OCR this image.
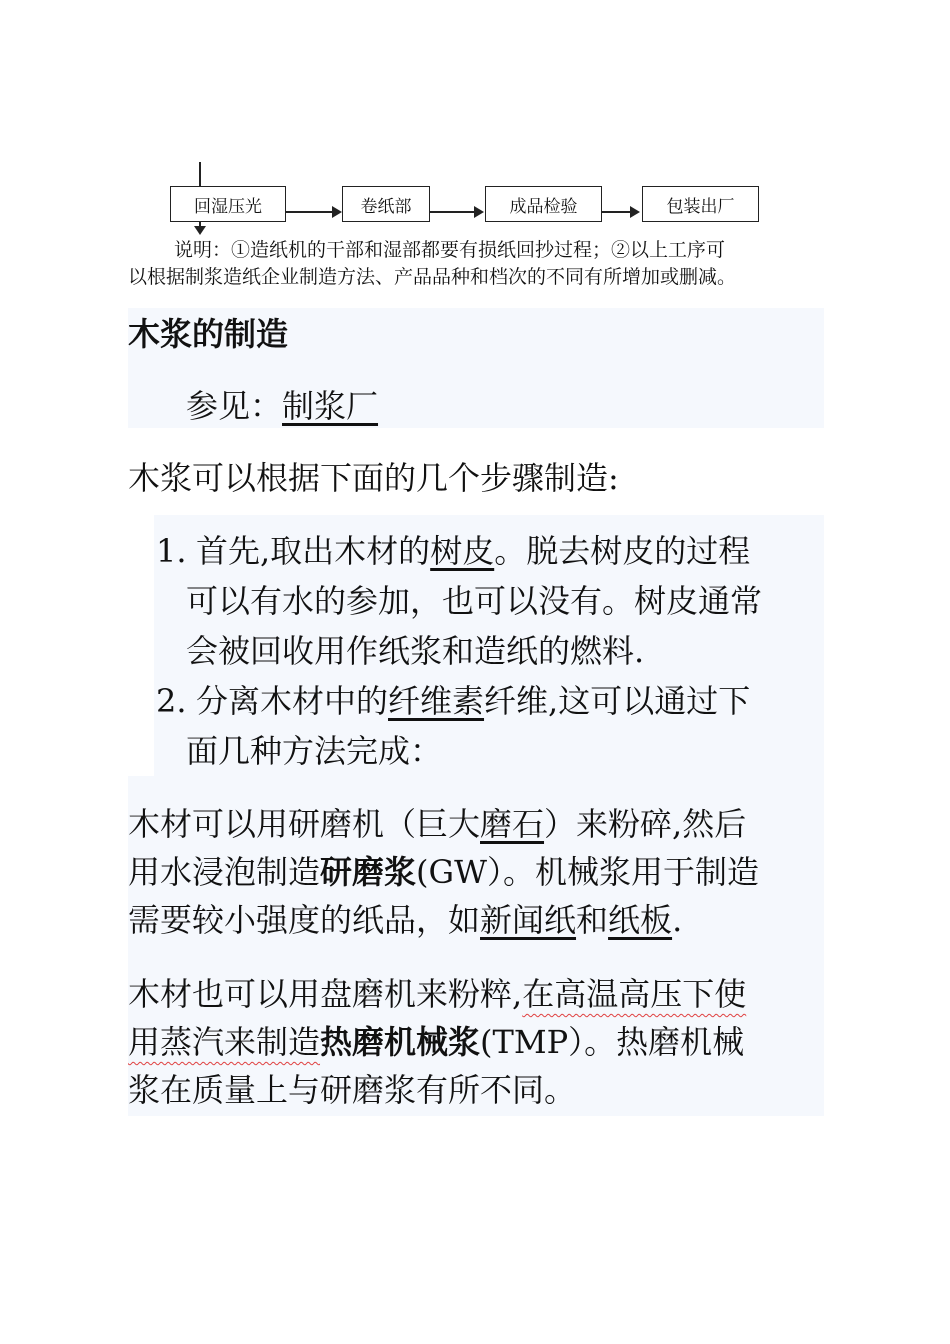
回湿压光	卷纸部	成品检验	包装出厂
说明：①造纸机的干部和湿部都要有损纸回抄过程；②以上工序可
以根据制浆造纸企业制造方法、产品品种和档次的不同有所增加或删减。
木浆的制造
参见：制浆厂
木浆可以根据下面的几个步骤制造:
1. 首先,取出木材的树皮。脱去树皮的过程
可以有水的参加，也可以没有。树皮通常
会被回收用作纸浆和造纸的燃料.
2. 分离木材中的纤维素纤维,这可以通过下
面几种方法完成：
木材可以用研磨机（巨大磨石）来粉碎,然后
用水浸泡制造研磨浆(GW）。机械浆用于制造
需要较小强度的纸品，如新闻纸和纸板.
木材也可以用盘磨机来粉粹,在高温高压下使
用蒸汽来制造热磨机械浆(TMP）。热磨机械
浆在质量上与研磨浆有所不同。
